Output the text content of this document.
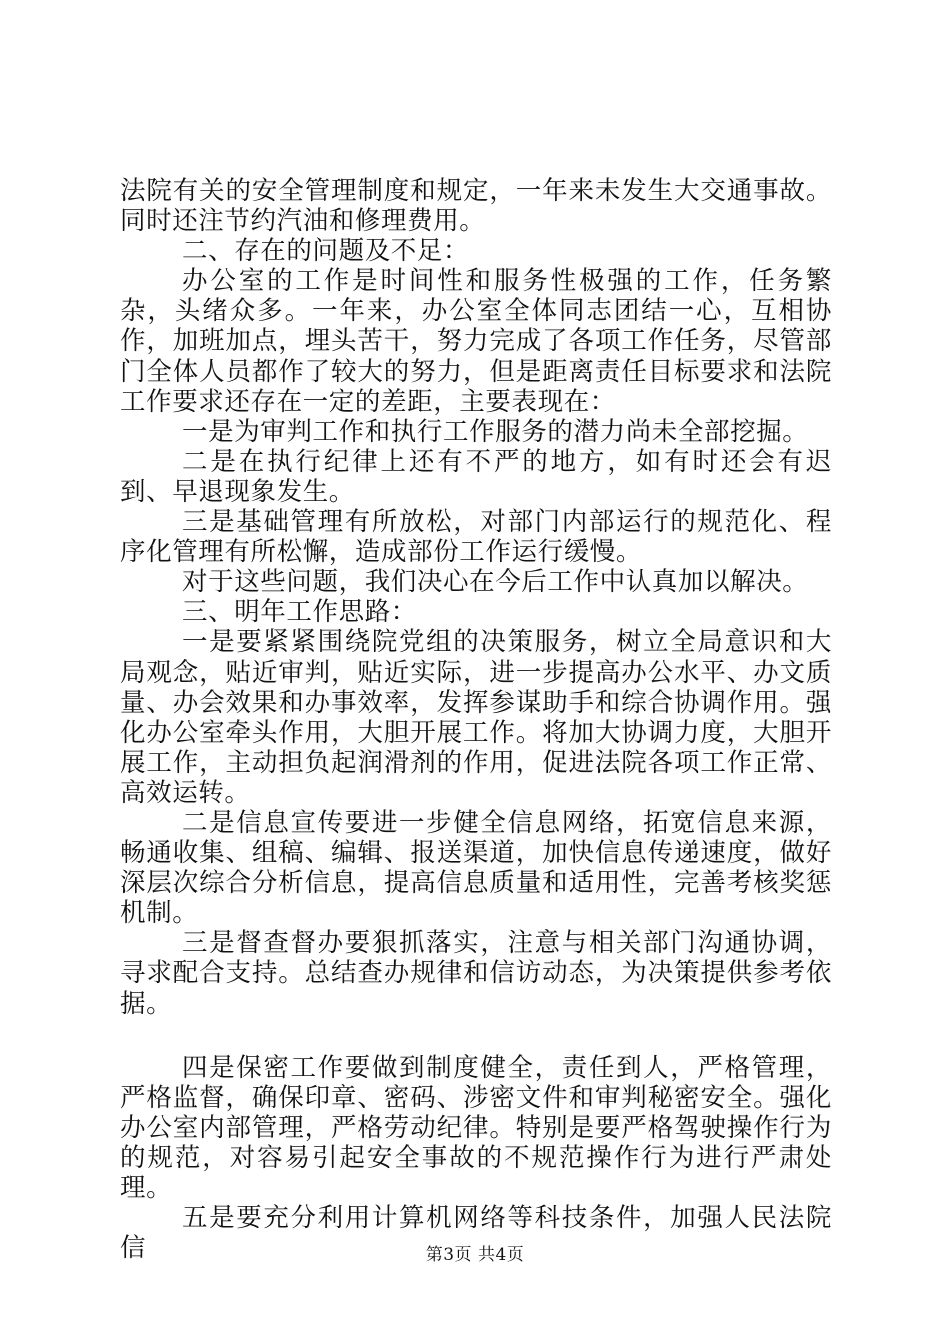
法院有关的安全管理制度和规定，一年来未发生大交通事故。同时还注节约汽油和修理费用。

二、存在的问题及不足：

办公室的工作是时间性和服务性极强的工作，任务繁杂，头绪众多。一年来，办公室全体同志团结一心，互相协作，加班加点，埋头苦干，努力完成了各项工作任务，尽管部门全体人员都作了较大的努力，但是距离责任目标要求和法院工作要求还存在一定的差距，主要表现在：

一是为审判工作和执行工作服务的潜力尚未全部挖掘。

二是在执行纪律上还有不严的地方，如有时还会有迟到、早退现象发生。

三是基础管理有所放松，对部门内部运行的规范化、程序化管理有所松懈，造成部份工作运行缓慢。

对于这些问题，我们决心在今后工作中认真加以解决。

三、明年工作思路：

一是要紧紧围绕院党组的决策服务，树立全局意识和大局观念，贴近审判，贴近实际，进一步提高办公水平、办文质量、办会效果和办事效率，发挥参谋助手和综合协调作用。强化办公室牵头作用，大胆开展工作。将加大协调力度，大胆开展工作，主动担负起润滑剂的作用，促进法院各项工作正常、高效运转。

二是信息宣传要进一步健全信息网络，拓宽信息来源，畅通收集、组稿、编辑、报送渠道，加快信息传递速度，做好深层次综合分析信息，提高信息质量和适用性，完善考核奖惩机制。

三是督查督办要狠抓落实，注意与相关部门沟通协调，寻求配合支持。总结查办规律和信访动态，为决策提供参考依据。

四是保密工作要做到制度健全，责任到人，严格管理，严格监督，确保印章、密码、涉密文件和审判秘密安全。强化办公室内部管理，严格劳动纪律。特别是要严格驾驶操作行为的规范，对容易引起安全事故的不规范操作行为进行严肃处理。

五是要充分利用计算机网络等科技条件，加强人民法院信	第3页 共4页
